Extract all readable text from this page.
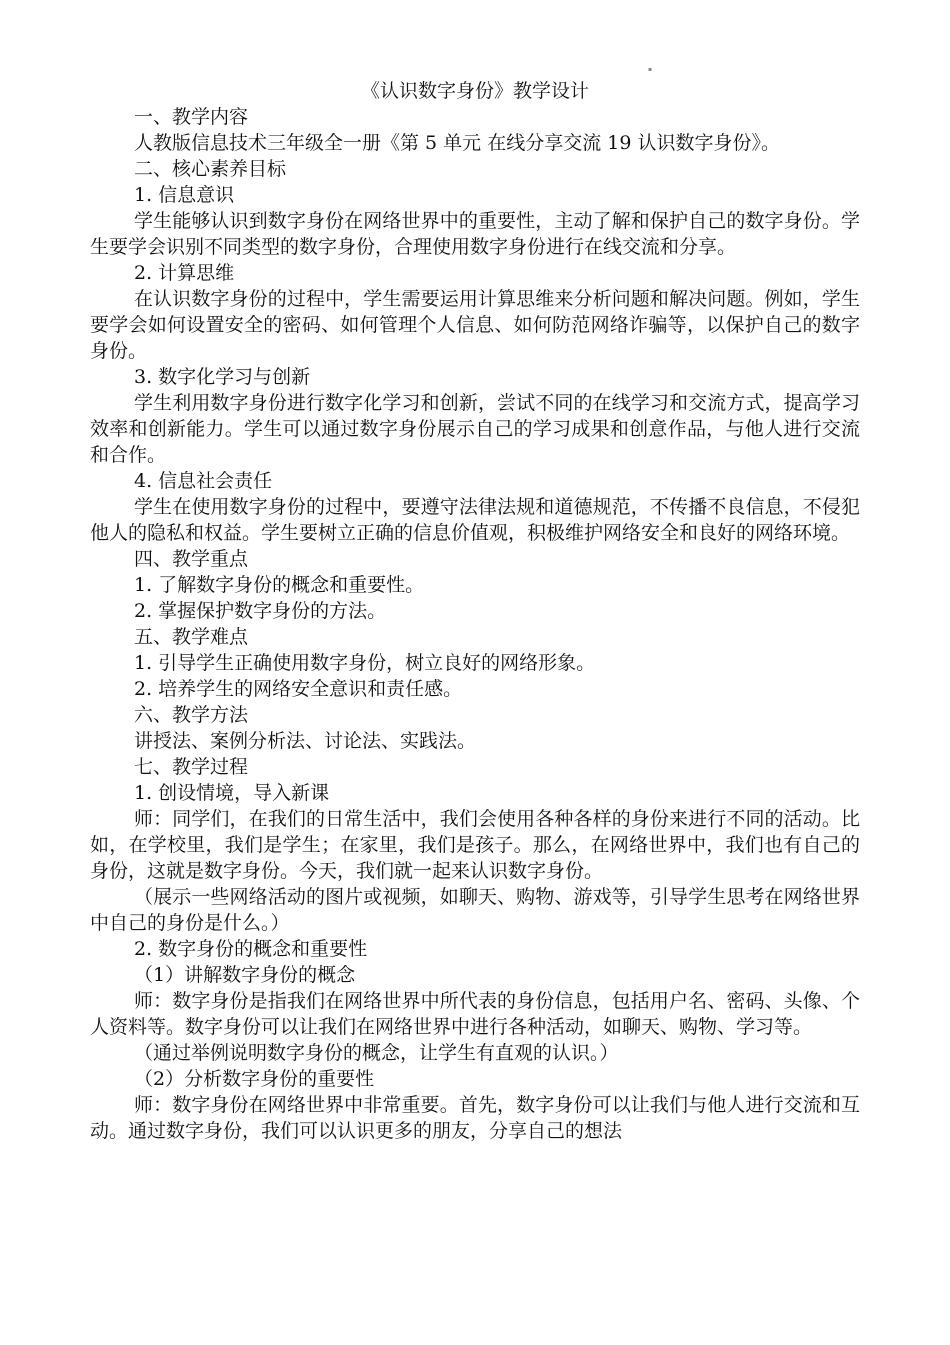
▪

《认识数字身份》教学设计

一、教学内容

人教版信息技术三年级全一册《第 5 单元 在线分享交流 19 认识数字身份》。

二、核心素养目标

1. 信息意识

学生能够认识到数字身份在网络世界中的重要性，主动了解和保护自己的数字身份。学生要学会识别不同类型的数字身份，合理使用数字身份进行在线交流和分享。

2. 计算思维

在认识数字身份的过程中，学生需要运用计算思维来分析问题和解决问题。例如，学生要学会如何设置安全的密码、如何管理个人信息、如何防范网络诈骗等，以保护自己的数字身份。

3. 数字化学习与创新

学生利用数字身份进行数字化学习和创新，尝试不同的在线学习和交流方式，提高学习效率和创新能力。学生可以通过数字身份展示自己的学习成果和创意作品，与他人进行交流和合作。

4. 信息社会责任

学生在使用数字身份的过程中，要遵守法律法规和道德规范，不传播不良信息，不侵犯他人的隐私和权益。学生要树立正确的信息价值观，积极维护网络安全和良好的网络环境。

四、教学重点

1. 了解数字身份的概念和重要性。

2. 掌握保护数字身份的方法。

五、教学难点

1. 引导学生正确使用数字身份，树立良好的网络形象。

2. 培养学生的网络安全意识和责任感。

六、教学方法

讲授法、案例分析法、讨论法、实践法。

七、教学过程

1. 创设情境，导入新课

师：同学们，在我们的日常生活中，我们会使用各种各样的身份来进行不同的活动。比如，在学校里，我们是学生；在家里，我们是孩子。那么，在网络世界中，我们也有自己的身份，这就是数字身份。今天，我们就一起来认识数字身份。

（展示一些网络活动的图片或视频，如聊天、购物、游戏等，引导学生思考在网络世界中自己的身份是什么。）

2. 数字身份的概念和重要性

（1）讲解数字身份的概念

师：数字身份是指我们在网络世界中所代表的身份信息，包括用户名、密码、头像、个人资料等。数字身份可以让我们在网络世界中进行各种活动，如聊天、购物、学习等。

（通过举例说明数字身份的概念，让学生有直观的认识。）

（2）分析数字身份的重要性

师：数字身份在网络世界中非常重要。首先，数字身份可以让我们与他人进行交流和互动。通过数字身份，我们可以认识更多的朋友，分享自己的想法
